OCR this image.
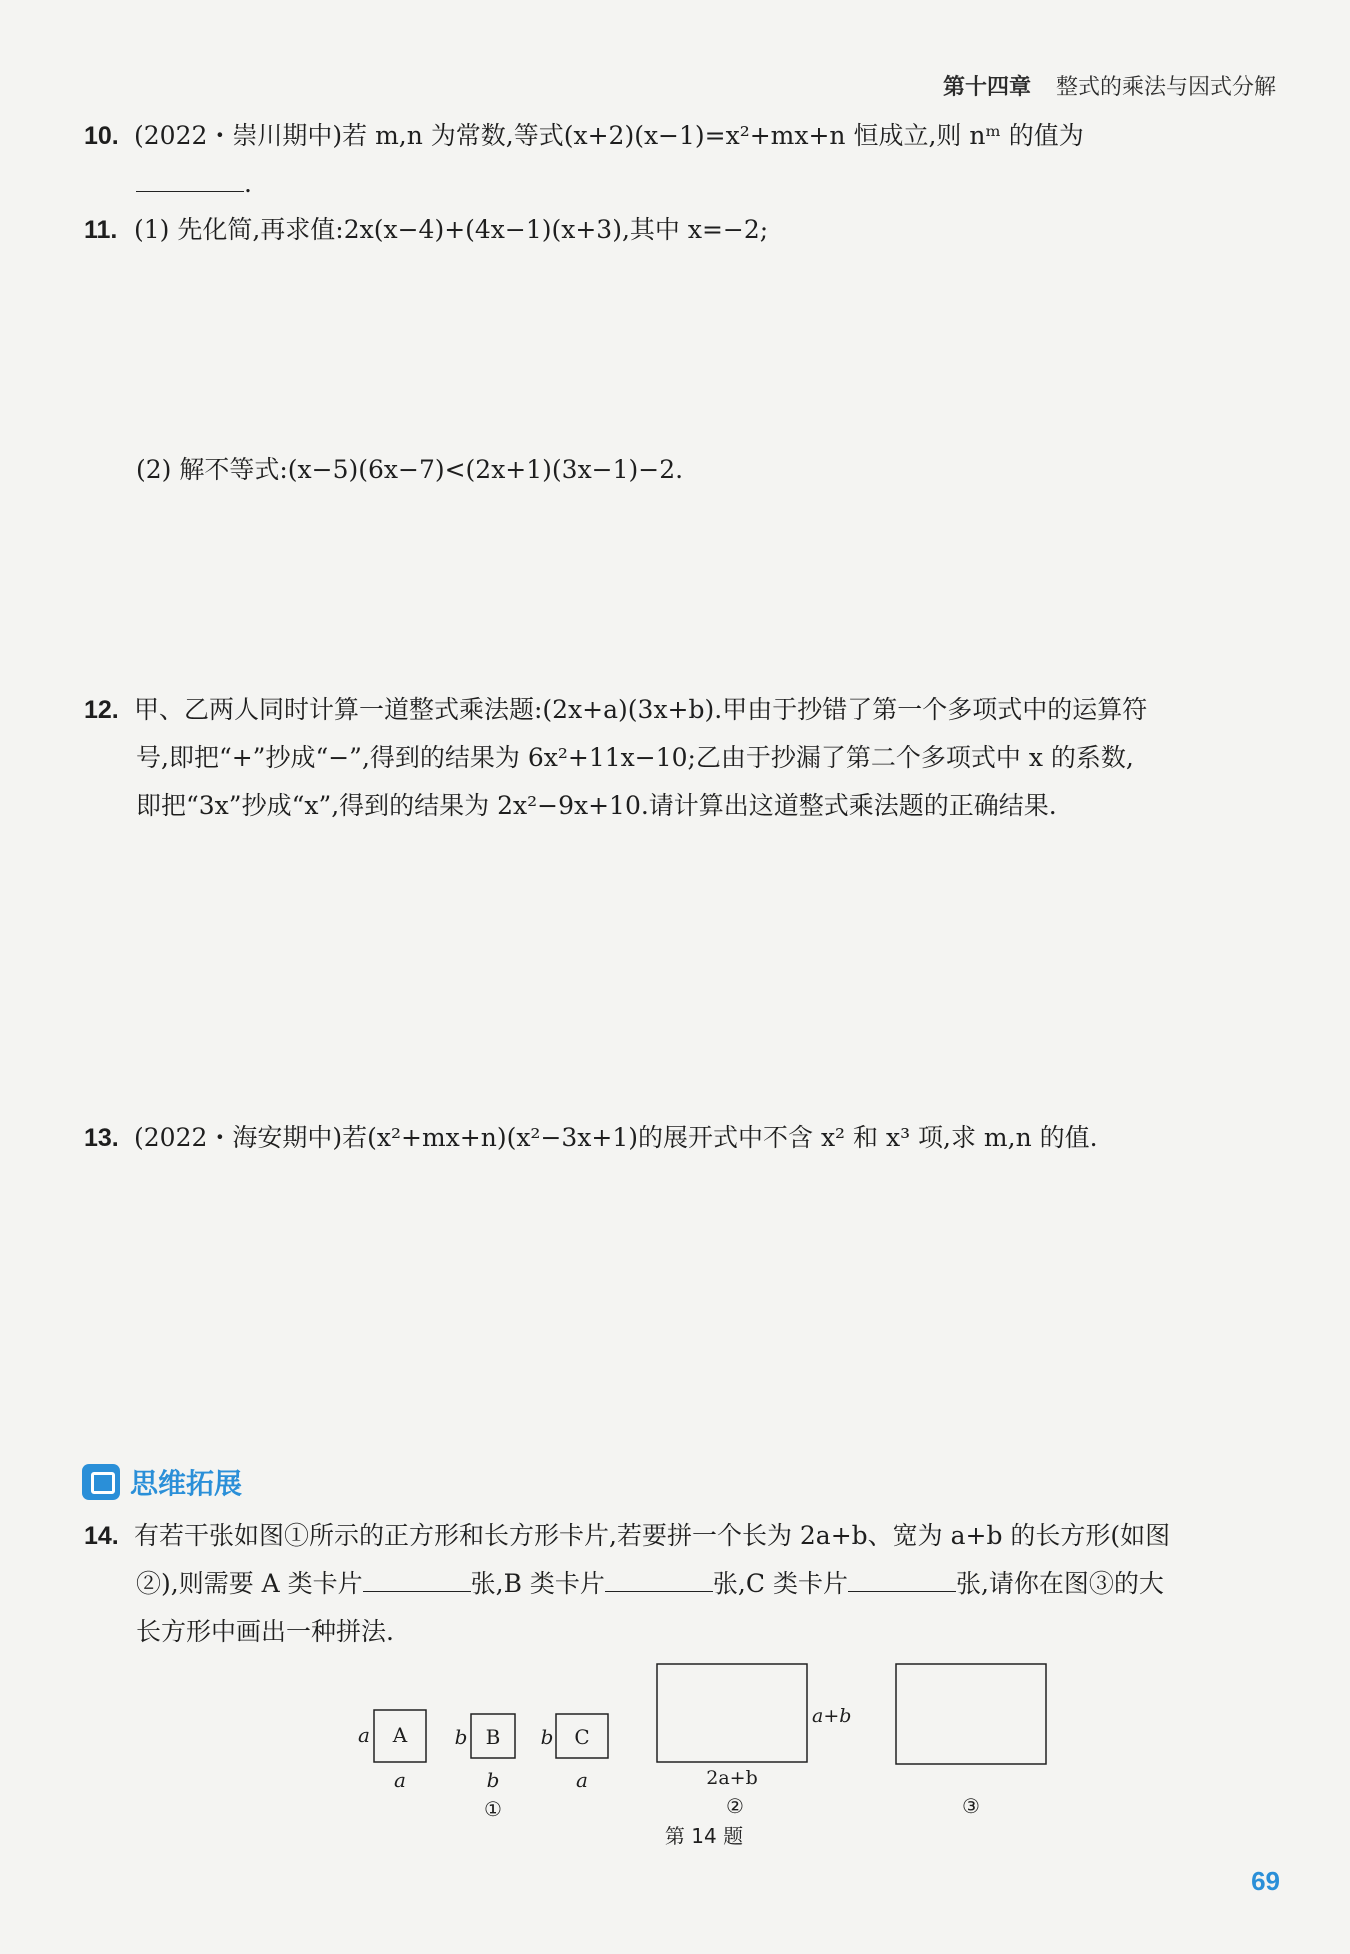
第十四章 整式的乘法与因式分解
10. (2022・崇川期中)若 m,n 为常数,等式(x+2)(x−1)=x²+mx+n 恒成立,则 nᵐ 的值为
.
11. (1) 先化简,再求值:2x(x−4)+(4x−1)(x+3),其中 x=−2;
(2) 解不等式:(x−5)(6x−7)<(2x+1)(3x−1)−2.
12. 甲、乙两人同时计算一道整式乘法题:(2x+a)(3x+b).甲由于抄错了第一个多项式中的运算符
号,即把“+”抄成“−”,得到的结果为 6x²+11x−10;乙由于抄漏了第二个多项式中 x 的系数,
即把“3x”抄成“x”,得到的结果为 2x²−9x+10.请计算出这道整式乘法题的正确结果.
13. (2022・海安期中)若(x²+mx+n)(x²−3x+1)的展开式中不含 x² 和 x³ 项,求 m,n 的值.
思维拓展
14. 有若干张如图①所示的正方形和长方形卡片,若要拼一个长为 2a+b、宽为 a+b 的长方形(如图
②),则需要 A 类卡片	张,B 类卡片	张,C 类卡片	张,请你在图③的大
长方形中画出一种拼法.
A
a
a
B
b
b
①
C
b
a
a+b
2a+b
②	③
第 14 题
69
